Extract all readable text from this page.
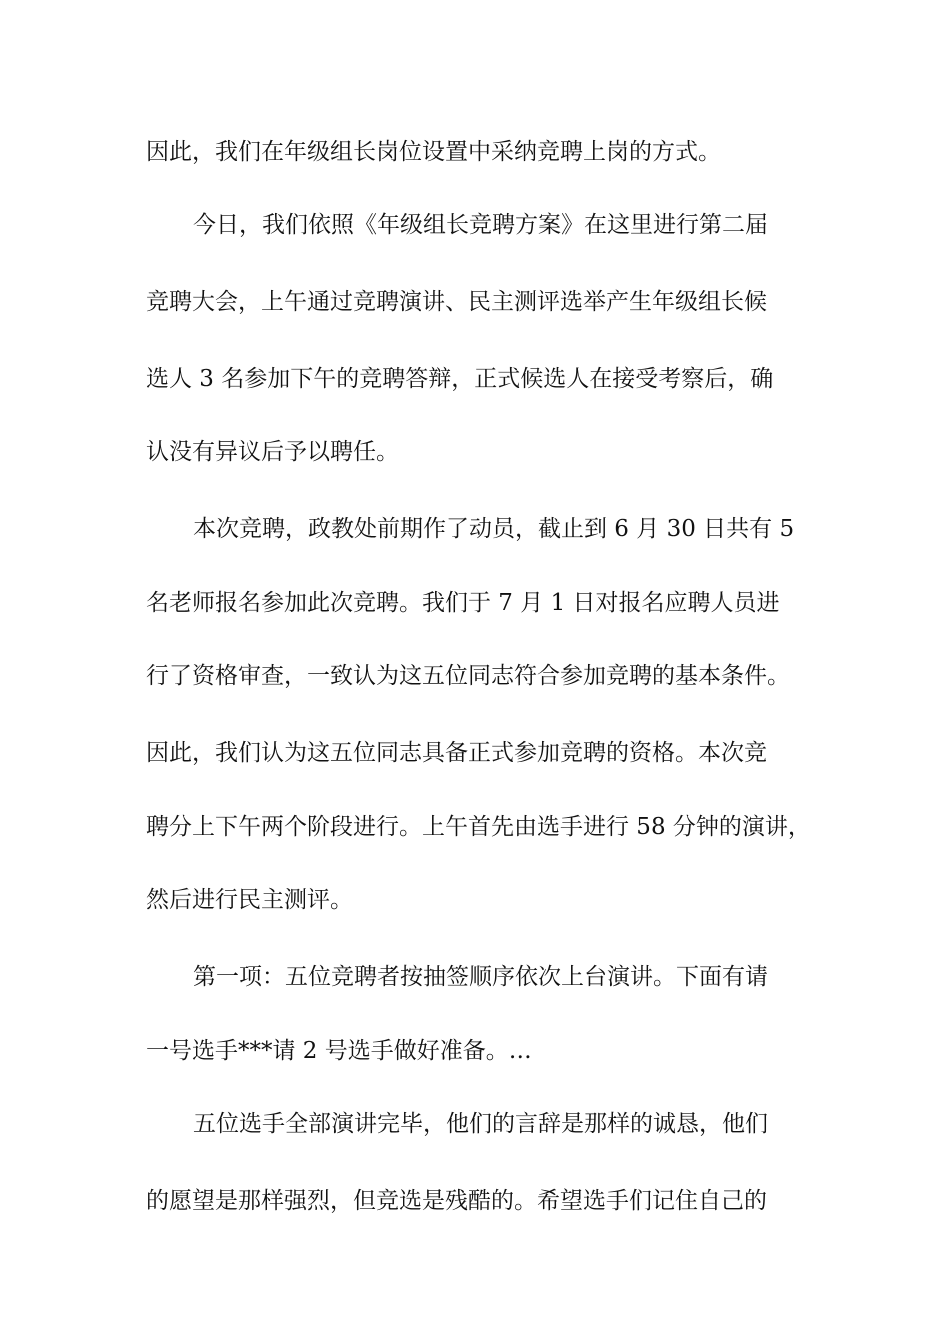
因此，我们在年级组长岗位设置中采纳竞聘上岗的方式。
今日，我们依照《年级组长竞聘方案》在这里进行第二届
竞聘大会，上午通过竞聘演讲、民主测评选举产生年级组长候
选人 3 名参加下午的竞聘答辩，正式候选人在接受考察后，确
认没有异议后予以聘任。
本次竞聘，政教处前期作了动员，截止到 6 月 30 日共有 5
名老师报名参加此次竞聘。我们于 7 月 1 日对报名应聘人员进
行了资格审查，一致认为这五位同志符合参加竞聘的基本条件。
因此，我们认为这五位同志具备正式参加竞聘的资格。本次竞
聘分上下午两个阶段进行。上午首先由选手进行 58 分钟的演讲，
然后进行民主测评。
第一项：五位竞聘者按抽签顺序依次上台演讲。下面有请
一号选手***请 2 号选手做好准备。…
五位选手全部演讲完毕，他们的言辞是那样的诚恳，他们
的愿望是那样强烈，但竞选是残酷的。希望选手们记住自己的
